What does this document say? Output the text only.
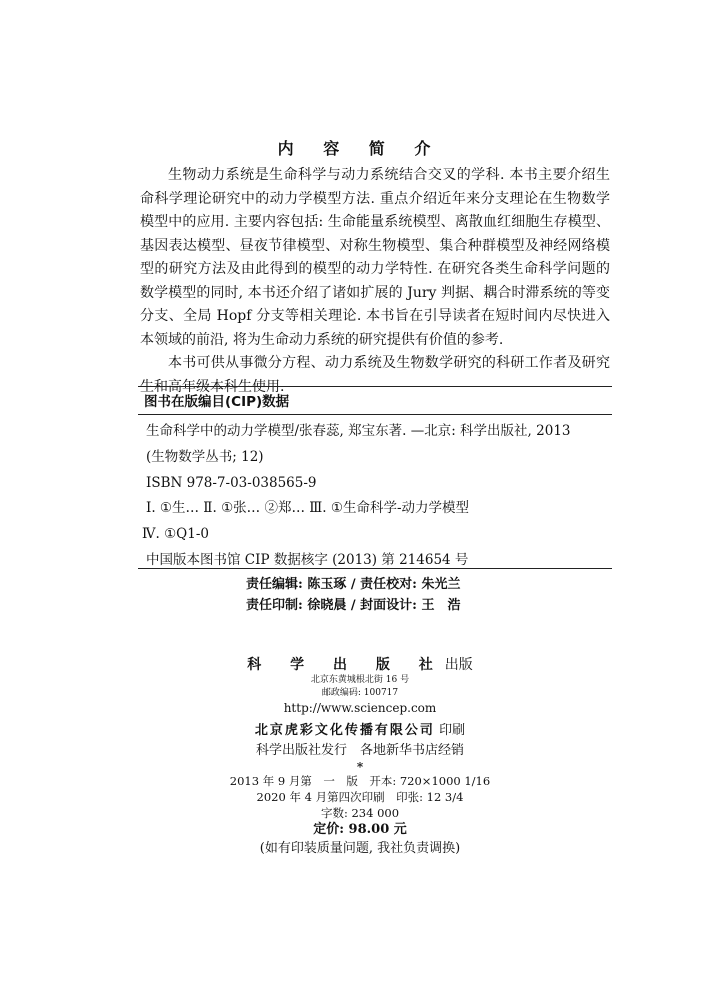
内 容 简 介

生物动力系统是生命科学与动力系统结合交叉的学科. 本书主要介绍生命科学理论研究中的动力学模型方法. 重点介绍近年来分支理论在生物数学模型中的应用. 主要内容包括: 生命能量系统模型、离散血红细胞生存模型、基因表达模型、昼夜节律模型、对称生物模型、集合种群模型及神经网络模型的研究方法及由此得到的模型的动力学特性. 在研究各类生命科学问题的数学模型的同时, 本书还介绍了诸如扩展的 Jury 判据、耦合时滞系统的等变分支、全局 Hopf 分支等相关理论. 本书旨在引导读者在短时间内尽快进入本领域的前沿, 将为生命动力系统的研究提供有价值的参考.

本书可供从事微分方程、动力系统及生物数学研究的科研工作者及研究生和高年级本科生使用.

图书在版编目(CIP)数据
生命科学中的动力学模型/张春蕊, 郑宝东著. —北京: 科学出版社, 2013
(生物数学丛书; 12)
ISBN 978-7-03-038565-9
Ⅰ. ①生… Ⅱ. ①张… ②郑… Ⅲ. ①生命科学-动力学模型
Ⅳ. ①Q1-0
中国版本图书馆 CIP 数据核字 (2013) 第 214654 号
责任编辑: 陈玉琢 / 责任校对: 朱光兰
责任印制: 徐晓晨 / 封面设计: 王　浩
科 学 出 版 社出版
北京东黄城根北街 16 号
邮政编码: 100717
http://www.sciencep.com
北京虎彩文化传播有限公司 印刷
科学出版社发行　各地新华书店经销
*
2013 年 9 月第　一　版　开本: 720×1000 1/16
2020 年 4 月第四次印刷　印张: 12 3/4
字数: 234 000
定价: 98.00 元
(如有印装质量问题, 我社负责调换)
